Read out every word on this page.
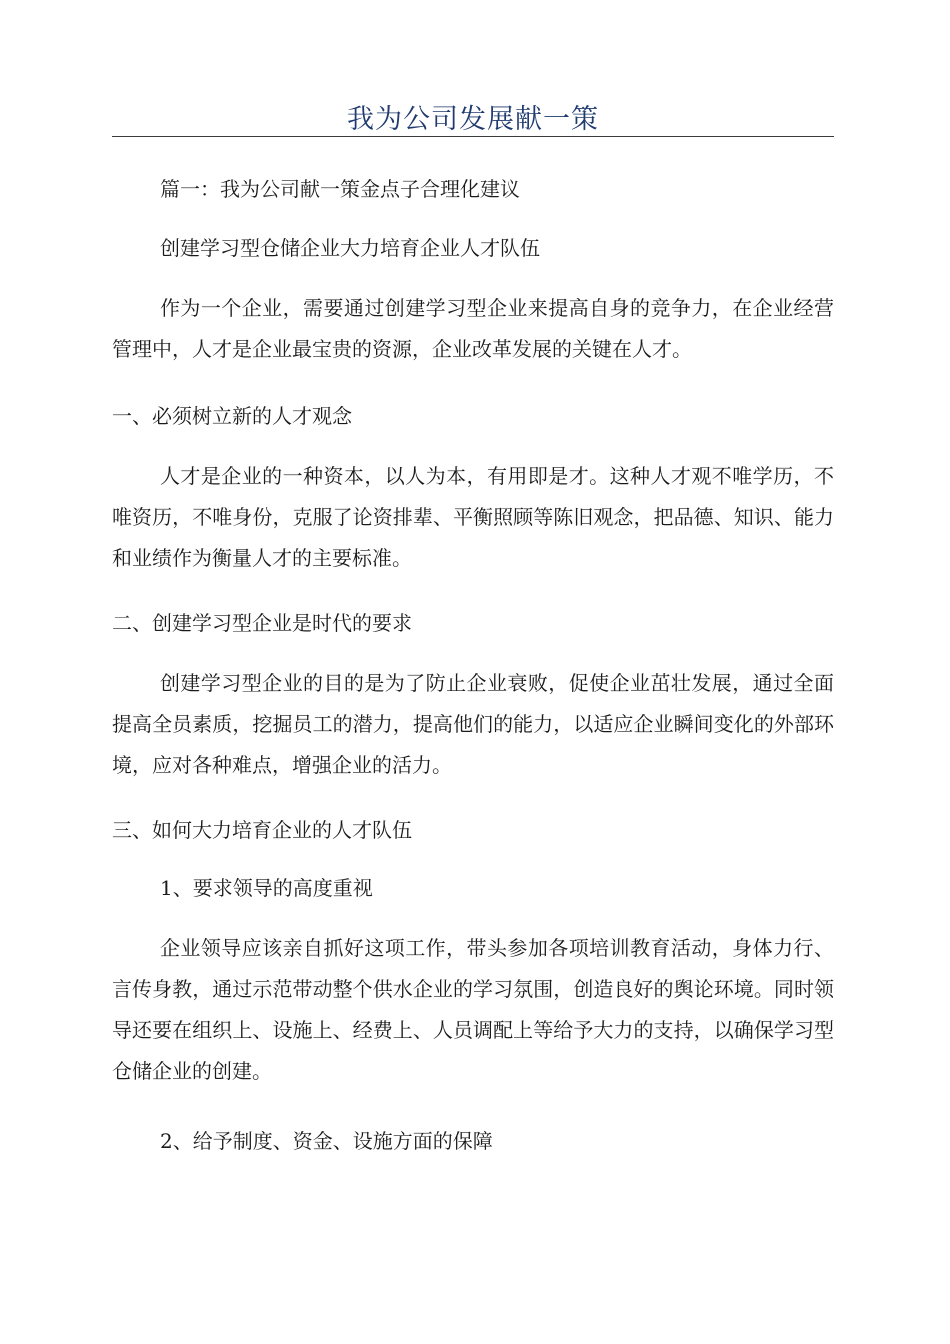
我为公司发展献一策
篇一：我为公司献一策金点子合理化建议
创建学习型仓储企业大力培育企业人才队伍
作为一个企业，需要通过创建学习型企业来提高自身的竞争力，在企业经营管理中，人才是企业最宝贵的资源，企业改革发展的关键在人才。
一、必须树立新的人才观念
人才是企业的一种资本，以人为本，有用即是才。这种人才观不唯学历，不唯资历，不唯身份，克服了论资排辈、平衡照顾等陈旧观念，把品德、知识、能力和业绩作为衡量人才的主要标准。
二、创建学习型企业是时代的要求
创建学习型企业的目的是为了防止企业衰败，促使企业茁壮发展，通过全面提高全员素质，挖掘员工的潜力，提高他们的能力，以适应企业瞬间变化的外部环境，应对各种难点，增强企业的活力。
三、如何大力培育企业的人才队伍
1、要求领导的高度重视
企业领导应该亲自抓好这项工作，带头参加各项培训教育活动，身体力行、言传身教，通过示范带动整个供水企业的学习氛围，创造良好的舆论环境。同时领导还要在组织上、设施上、经费上、人员调配上等给予大力的支持，以确保学习型仓储企业的创建。
2、给予制度、资金、设施方面的保障
